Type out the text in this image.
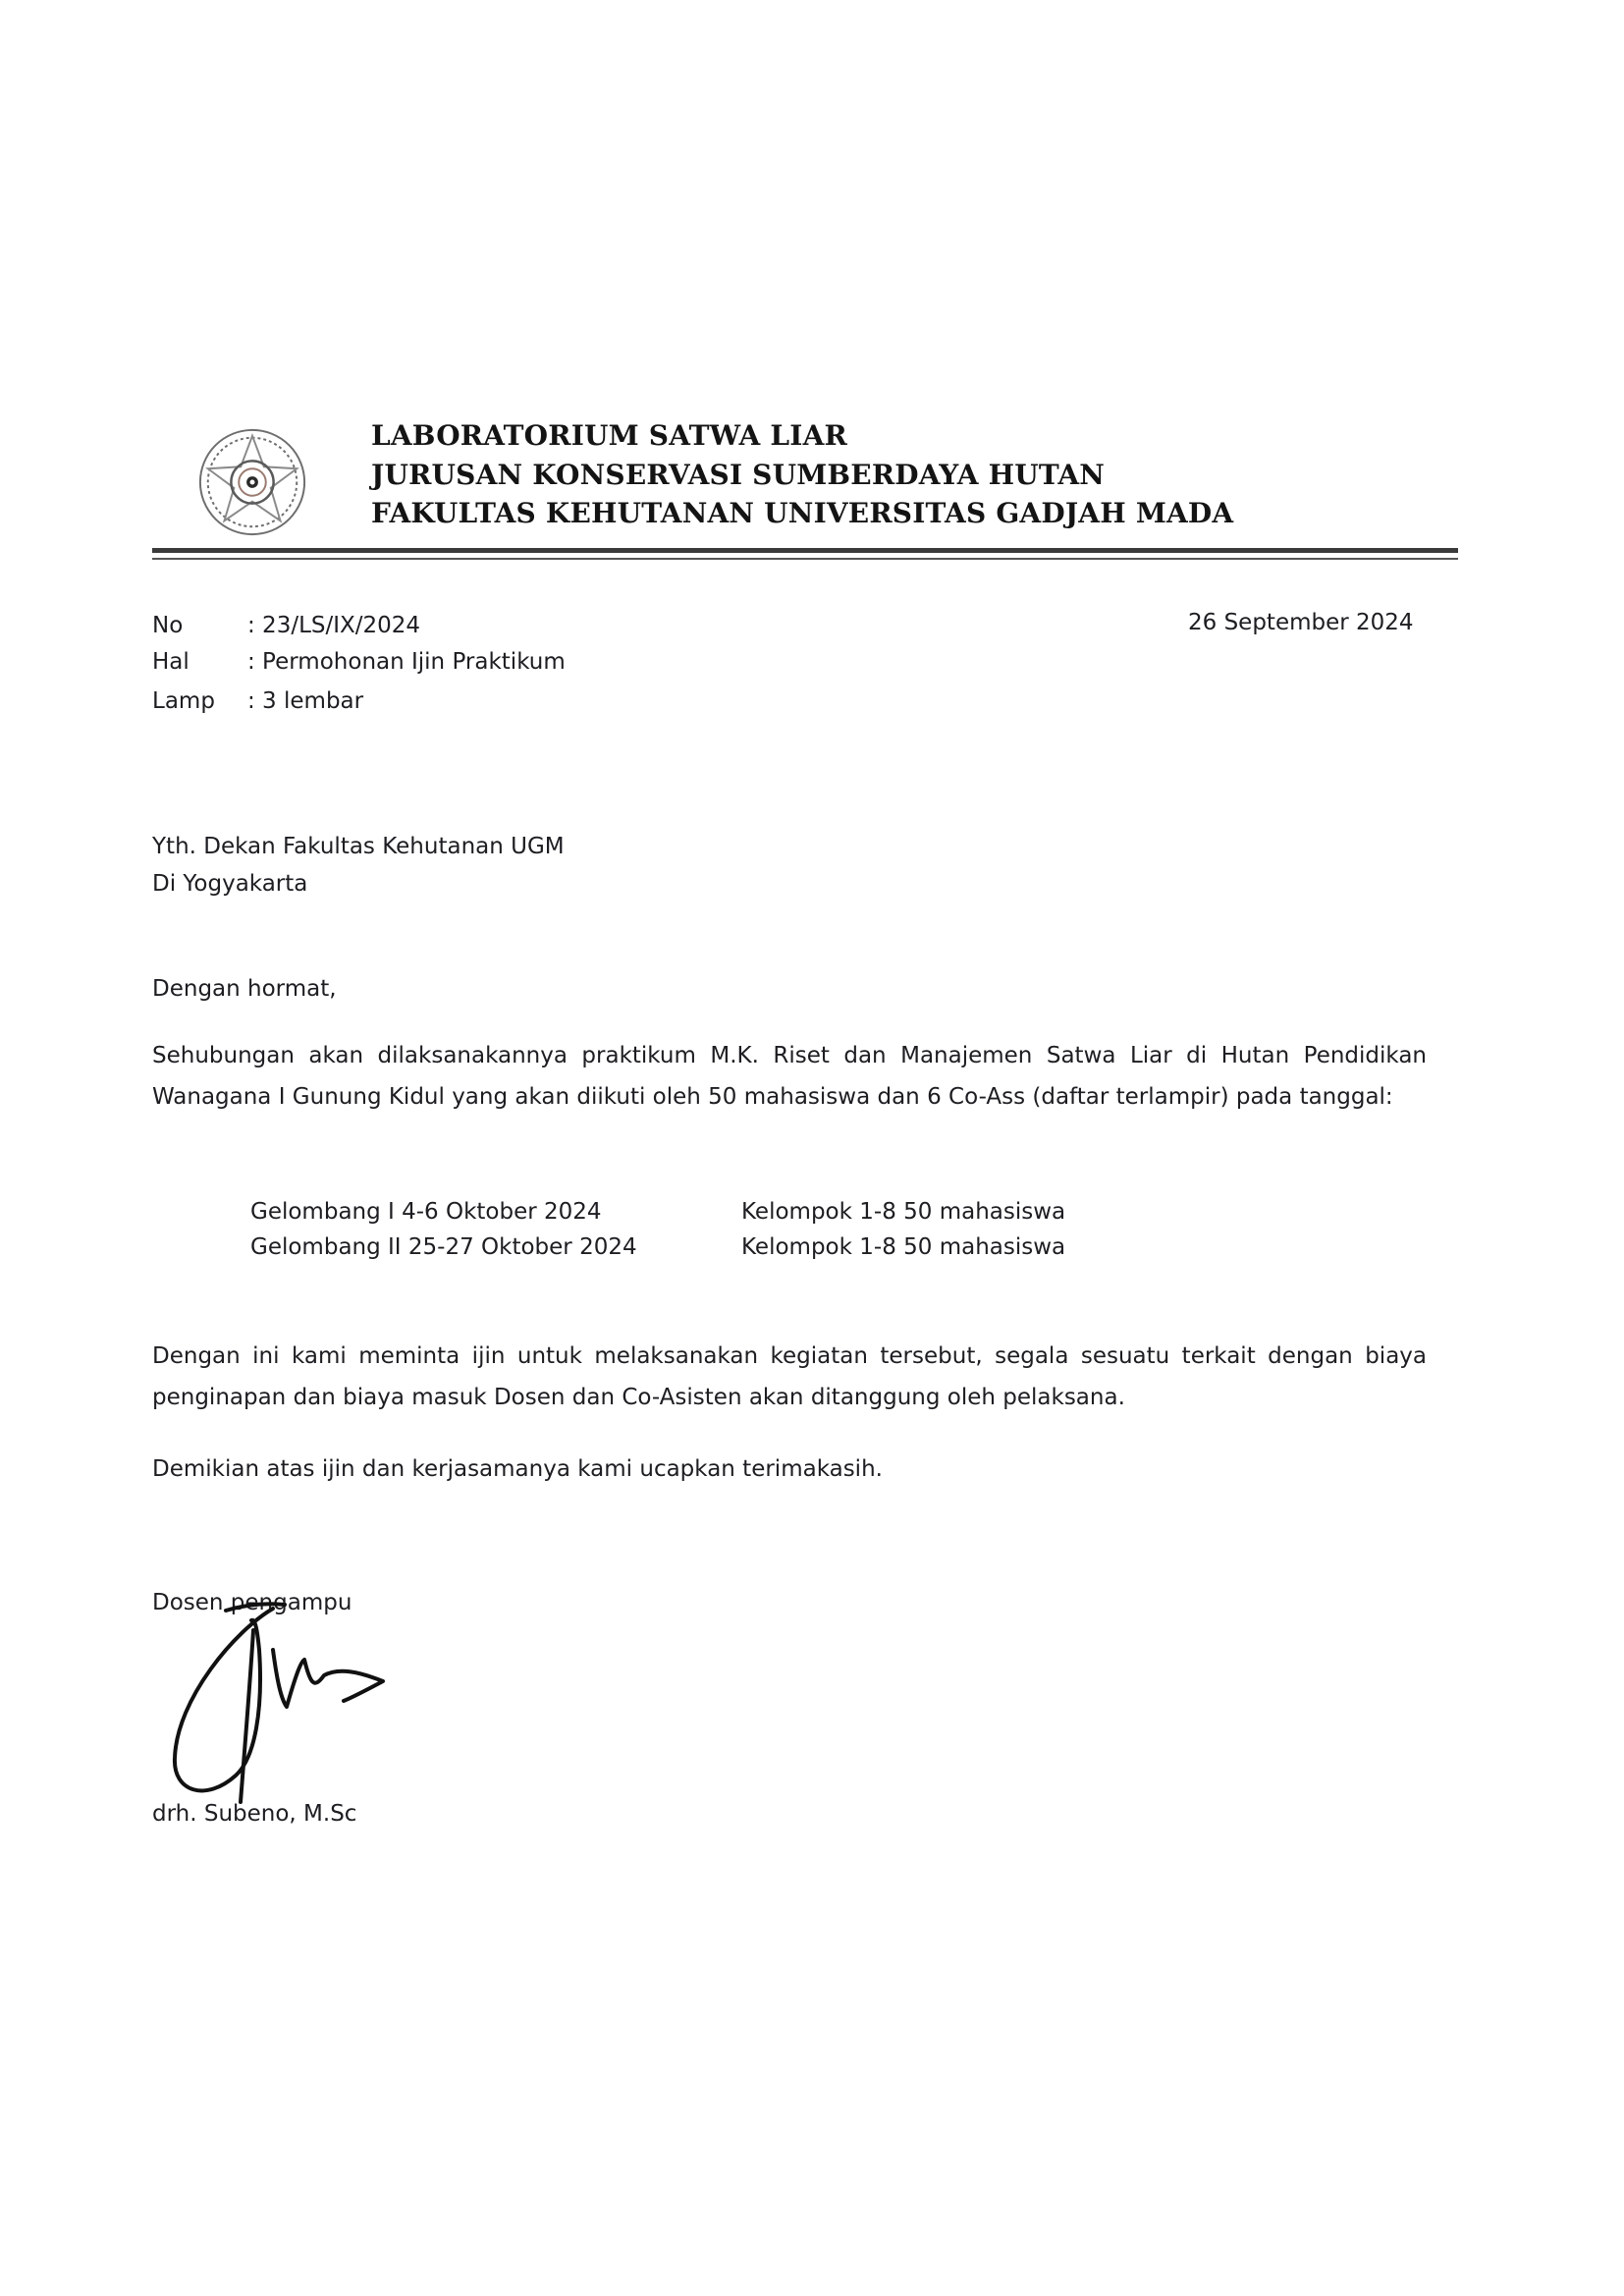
LABORATORIUM SATWA LIAR
JURUSAN KONSERVASI SUMBERDAYA HUTAN
FAKULTAS KEHUTANAN UNIVERSITAS GADJAH MADA
No	: 23/LS/IX/2024
Hal	: Permohonan Ijin Praktikum
Lamp : 3 lembar
26 September 2024
Yth. Dekan Fakultas Kehutanan UGM
Di Yogyakarta
Dengan hormat,
Sehubungan akan dilaksanakannya praktikum M.K. Riset dan Manajemen Satwa Liar di Hutan Pendidikan Wanagana I Gunung Kidul yang akan diikuti oleh 50 mahasiswa dan 6 Co-Ass (daftar terlampir) pada tanggal:
Gelombang I 4-6 Oktober 2024	Kelompok 1-8 50 mahasiswa
Gelombang II 25-27 Oktober 2024	Kelompok 1-8 50 mahasiswa
Dengan ini kami meminta ijin untuk melaksanakan kegiatan tersebut, segala sesuatu terkait dengan biaya penginapan dan biaya masuk Dosen dan Co-Asisten akan ditanggung oleh pelaksana.
Demikian atas ijin dan kerjasamanya kami ucapkan terimakasih.
Dosen pengampu
drh. Subeno, M.Sc
